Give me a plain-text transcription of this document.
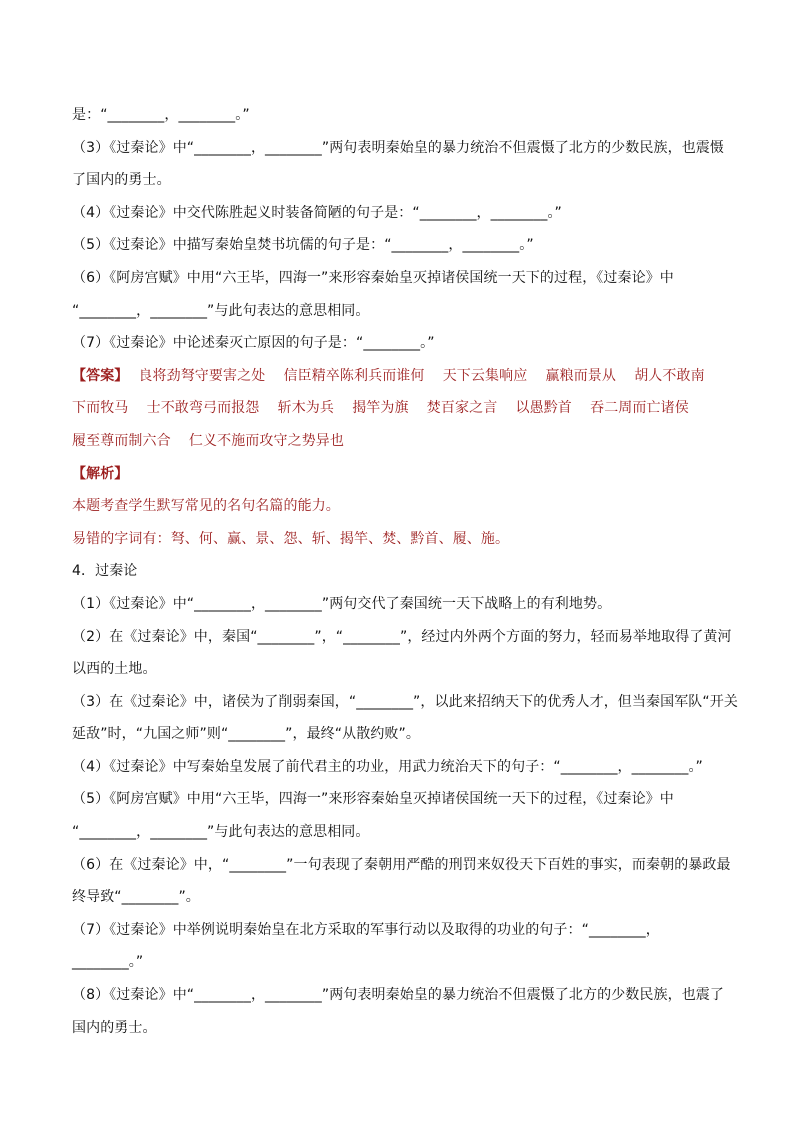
是：“________，________。”
（3）《过秦论》中“________，________”两句表明秦始皇的暴力统治不但震慑了北方的少数民族，也震慑
了国内的勇士。
（4）《过秦论》中交代陈胜起义时装备简陋的句子是：“________，________。”
（5）《过秦论》中描写秦始皇焚书坑儒的句子是：“________，________。”
（6）《阿房宫赋》中用“六王毕，四海一”来形容秦始皇灭掉诸侯国统一天下的过程，《过秦论》中
“________，________”与此句表达的意思相同。
（7）《过秦论》中论述秦灭亡原因的句子是：“________。”
【答案】 良将劲弩守要害之处    信臣精卒陈利兵而谁何    天下云集响应    赢粮而景从    胡人不敢南
下而牧马    士不敢弯弓而报怨    斩木为兵    揭竿为旗    焚百家之言    以愚黔首    吞二周而亡诸侯
履至尊而制六合    仁义不施而攻守之势异也
【解析】
本题考查学生默写常见的名句名篇的能力。
易错的字词有：弩、何、赢、景、怨、斩、揭竿、焚、黔首、履、施。
4．过秦论
（1）《过秦论》中“________，________”两句交代了秦国统一天下战略上的有利地势。
（2）在《过秦论》中，秦国“________”，“________”，经过内外两个方面的努力，轻而易举地取得了黄河
以西的土地。
（3）在《过秦论》中，诸侯为了削弱秦国，“________”，以此来招纳天下的优秀人才，但当秦国军队“开关
延敌”时，“九国之师”则“________”，最终“从散约败”。
（4）《过秦论》中写秦始皇发展了前代君主的功业，用武力统治天下的句子：“________，________。”
（5）《阿房宫赋》中用“六王毕，四海一”来形容秦始皇灭掉诸侯国统一天下的过程，《过秦论》中
“________，________”与此句表达的意思相同。
（6）在《过秦论》中，“________”一句表现了秦朝用严酷的刑罚来奴役天下百姓的事实，而秦朝的暴政最
终导致“________”。
（7）《过秦论》中举例说明秦始皇在北方采取的军事行动以及取得的功业的句子：“________，
________。”
（8）《过秦论》中“________，________”两句表明秦始皇的暴力统治不但震慑了北方的少数民族，也震了
国内的勇士。
